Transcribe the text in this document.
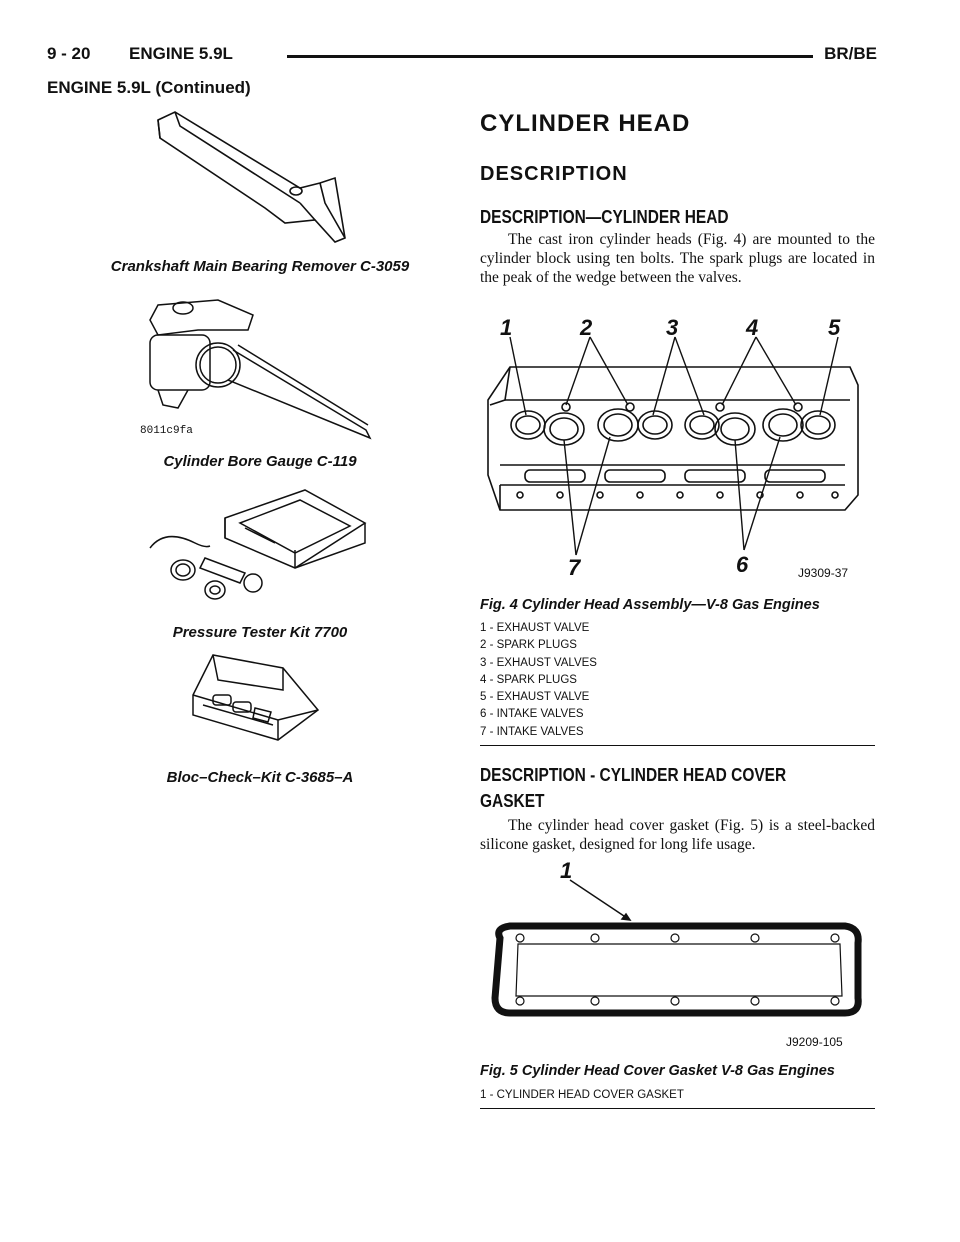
9 - 20 ENGINE 5.9L	BR/BE
ENGINE 5.9L (Continued)
Crankshaft Main Bearing Remover C-3059
8011c9fa
Cylinder Bore Gauge C-119
Pressure Tester Kit 7700
Bloc–Check–Kit C-3685–A
CYLINDER HEAD
DESCRIPTION
DESCRIPTION—CYLINDER HEAD
The cast iron cylinder heads (Fig. 4) are mounted to the cylinder block using ten bolts. The spark plugs are located in the peak of the wedge between the valves.
1	2	3	4	5
6
7	J9309-37
Fig. 4 Cylinder Head Assembly—V-8 Gas Engines
1 - EXHAUST VALVE
2 - SPARK PLUGS
3 - EXHAUST VALVES
4 - SPARK PLUGS
5 - EXHAUST VALVE
6 - INTAKE VALVES
7 - INTAKE VALVES
DESCRIPTION - CYLINDER HEAD COVER
GASKET
The cylinder head cover gasket (Fig. 5) is a steel-backed silicone gasket, designed for long life usage.
1
J9209-105
Fig. 5 Cylinder Head Cover Gasket V-8 Gas Engines
1 - CYLINDER HEAD COVER GASKET
